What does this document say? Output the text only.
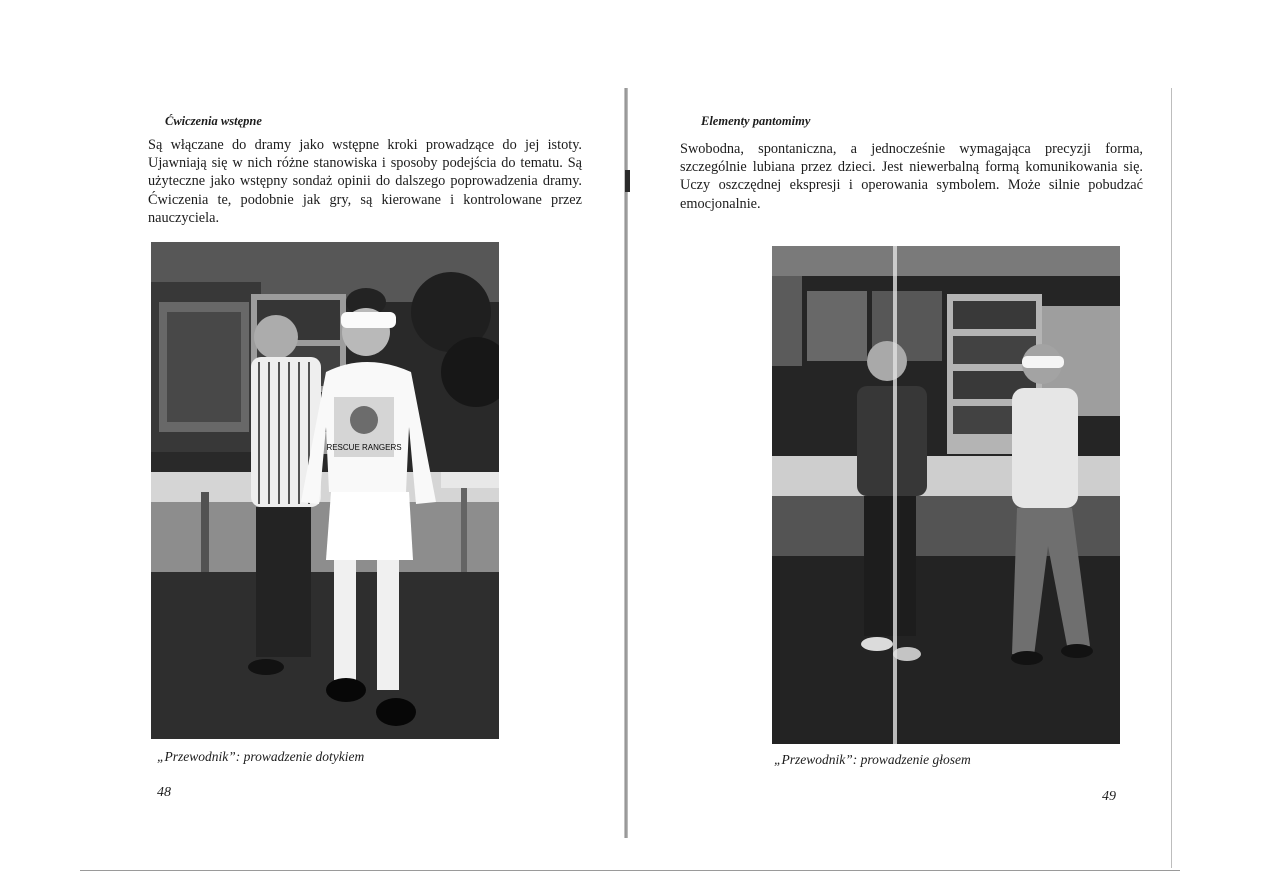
Ćwiczenia wstępne

Są włączane do dramy jako wstępne kroki prowadzące do jej istoty. Ujawniają się w nich różne stanowiska i sposoby podejścia do tematu. Są użyteczne jako wstępny sondaż opinii do dalszego poprowadzenia dramy. Ćwiczenia te, podobnie jak gry, są kierowane i kontrolowane przez nauczyciela.

RESCUE RANGERS

„Przewodnik”: prowadzenie dotykiem

48

Elementy pantomimy

Swobodna, spontaniczna, a jednocześnie wymagająca precyzji forma, szczególnie lubiana przez dzieci. Jest niewerbalną formą komunikowania się. Uczy oszczędnej ekspresji i operowania symbolem. Może silnie pobudzać emocjonalnie.

„Przewodnik”: prowadzenie głosem

49
